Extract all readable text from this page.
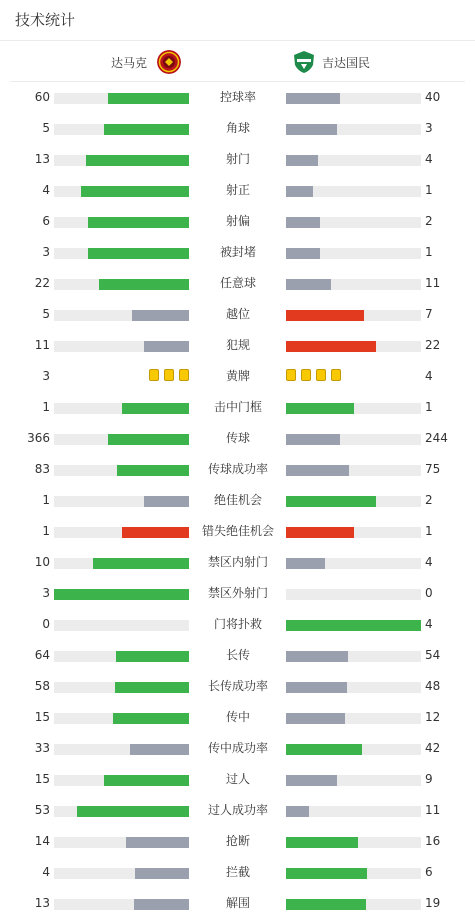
技术统计
达马克	吉达国民
60	控球率	40
5	角球	3
13	射门	4
4	射正	1
6	射偏	2
3	被封堵	1
22	任意球	11
5	越位	7
11	犯规	22
3	黄牌	4
1	击中门框	1
366	传球	244
83	传球成功率	75
1	绝佳机会	2
1	错失绝佳机会	1
10	禁区内射门	4
3	禁区外射门	0
0	门将扑救	4
64	长传	54
58	长传成功率	48
15	传中	12
33	传中成功率	42
15	过人	9
53	过人成功率	11
14	抢断	16
4	拦截	6
13	解围	19
